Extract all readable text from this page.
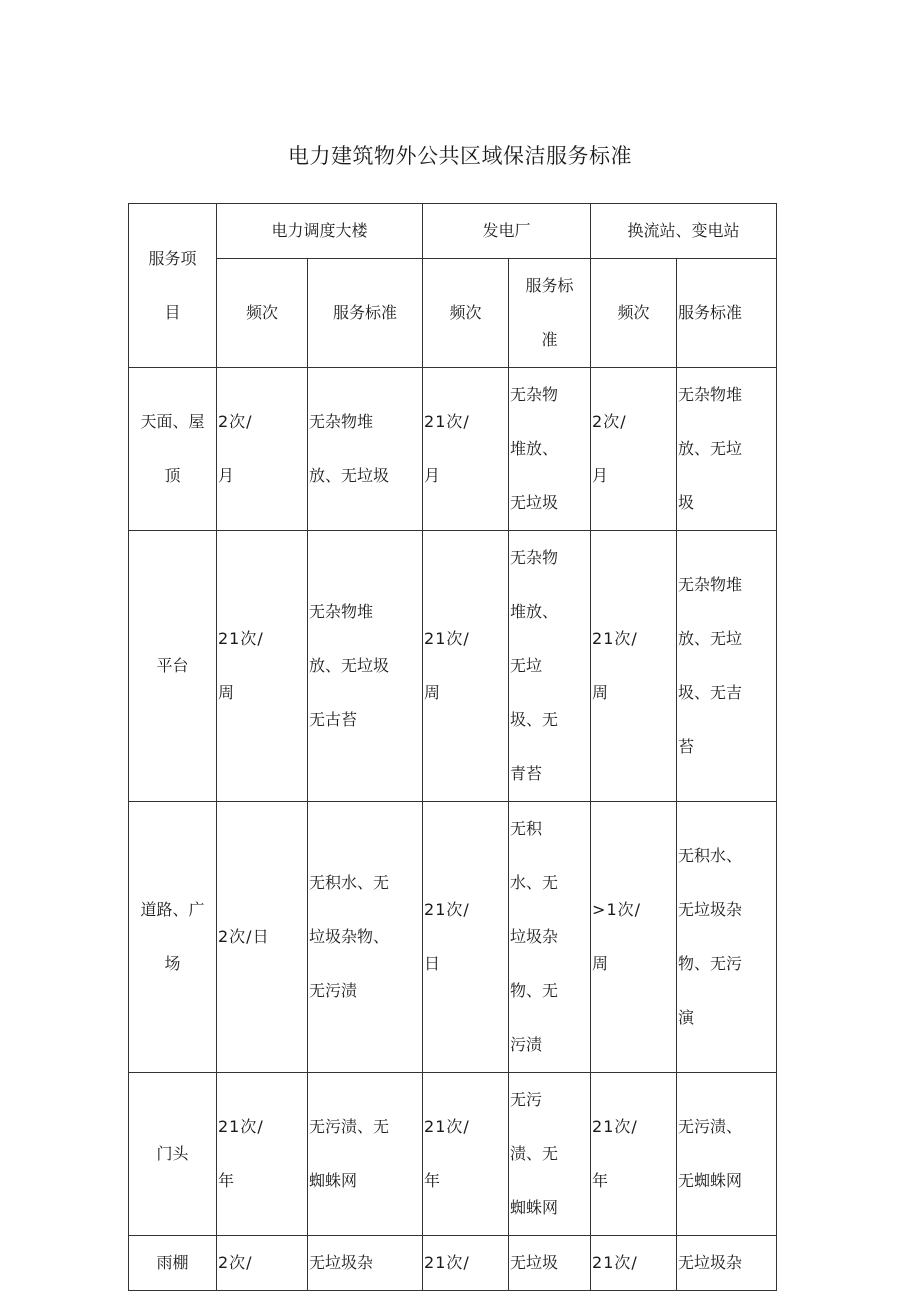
电力建筑物外公共区域保洁服务标准
服务项
目	电力调度大楼		发电厂		换流站、变电站	
	频次	服务标准	频次	服务标
准	频次	服务标准

天面、屋
顶	2次/
月	无杂物堆
放、无垃圾	21次/
月	无杂物
堆放、
无垃圾	2次/
月	无杂物堆
放、无垃
圾

平台	21次/
周	无杂物堆
放、无垃圾
无古苔	21次/
周	无杂物
堆放、
无垃
圾、无
青苔	21次/
周	无杂物堆
放、无垃
圾、无吉
苔

道路、广
场	2次/日	无积水、无
垃圾杂物、
无污渍	21次/
日	无积
水、无
垃圾杂
物、无
污渍	>1次/
周	无积水、
无垃圾杂
物、无污
演

门头	21次/
年	无污渍、无
蜘蛛网	21次/
年	无污
渍、无
蜘蛛网	21次/
年	无污渍、
无蜘蛛网

雨棚	2次/	无垃圾杂	21次/	无垃圾	21次/	无垃圾杂
